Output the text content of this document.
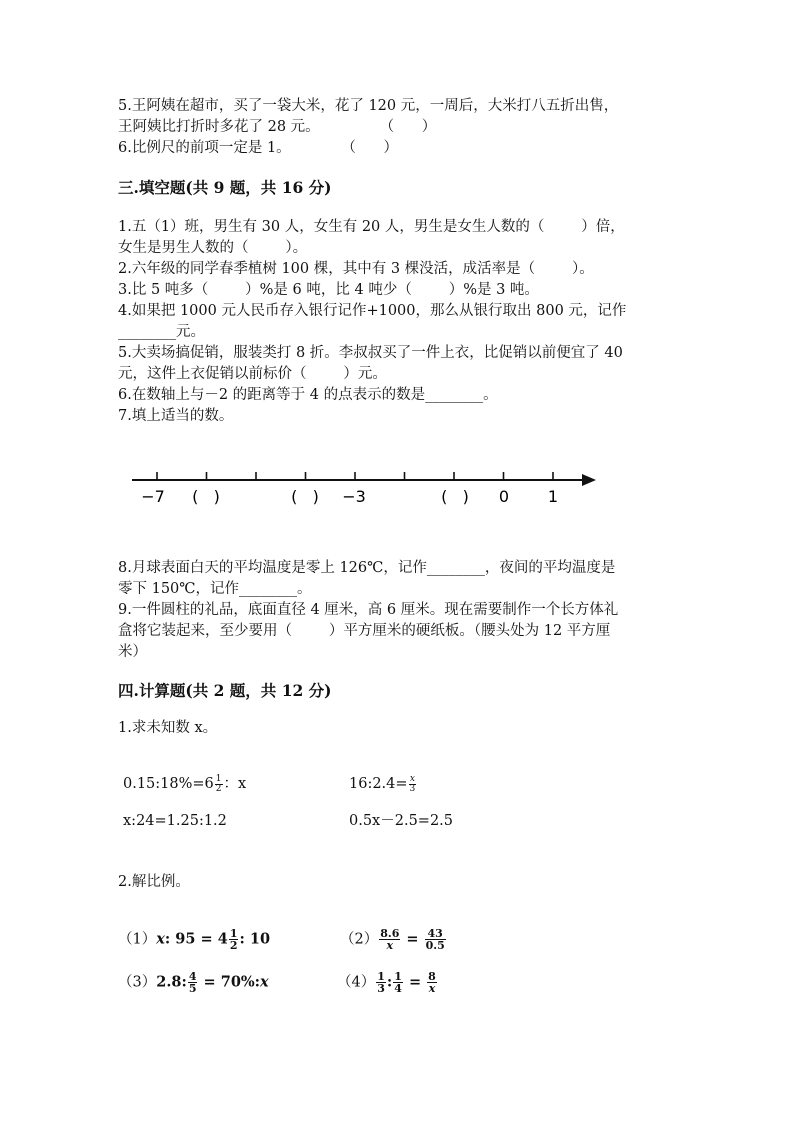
5.王阿姨在超市，买了一袋大米，花了 120 元，一周后，大米打八五折出售，
王阿姨比打折时多花了 28 元。             （      ）
6.比例尺的前项一定是 1。           （      ）
三.填空题(共 9 题，共 16 分)
1.五（1）班，男生有 30 人，女生有 20 人，男生是女生人数的（        ）倍，
女生是男生人数的（        ）。
2.六年级的同学春季植树 100 棵，其中有 3 棵没活，成活率是（        ）。
3.比 5 吨多（        ）%是 6 吨，比 4 吨少（        ）%是 3 吨。
4.如果把 1000 元人民币存入银行记作+1000，那么从银行取出 800 元，记作
________元。
5.大卖场搞促销，服装类打 8 折。李叔叔买了一件上衣，比促销以前便宜了 40
元，这件上衣促销以前标价（        ）元。
6.在数轴上与－2 的距离等于 4 的点表示的数是________。
7.填上适当的数。
−7 (   )	(   ) −3	(   ) 0 1
8.月球表面白天的平均温度是零上 126℃，记作________，夜间的平均温度是
零下 150℃，记作________。
9.一件圆柱的礼品，底面直径 4 厘米，高 6 厘米。现在需要制作一个长方体礼
盒将它装起来，至少要用（        ）平方厘米的硬纸板。（腰头处为 12 平方厘
米）
四.计算题(共 2 题，共 12 分)
1.求未知数 x。
0.15:18%=6 $\frac{1}{2}$ ：x	16:2.4= $\frac{x}{3}$
x:24=1.25:1.2	0.5x－2.5=2.5
2.解比例。
（1）x: $95 = 4 \frac{1}{2}$ : 10	$(2) \frac{8.6}{x} = \frac{43}{0.5}$
（3）2.8: $\frac{4}{5}$ = 70%:x	$(4) \frac{1}{3}$ : $\frac{1}{4} = \frac{8}{x}$
